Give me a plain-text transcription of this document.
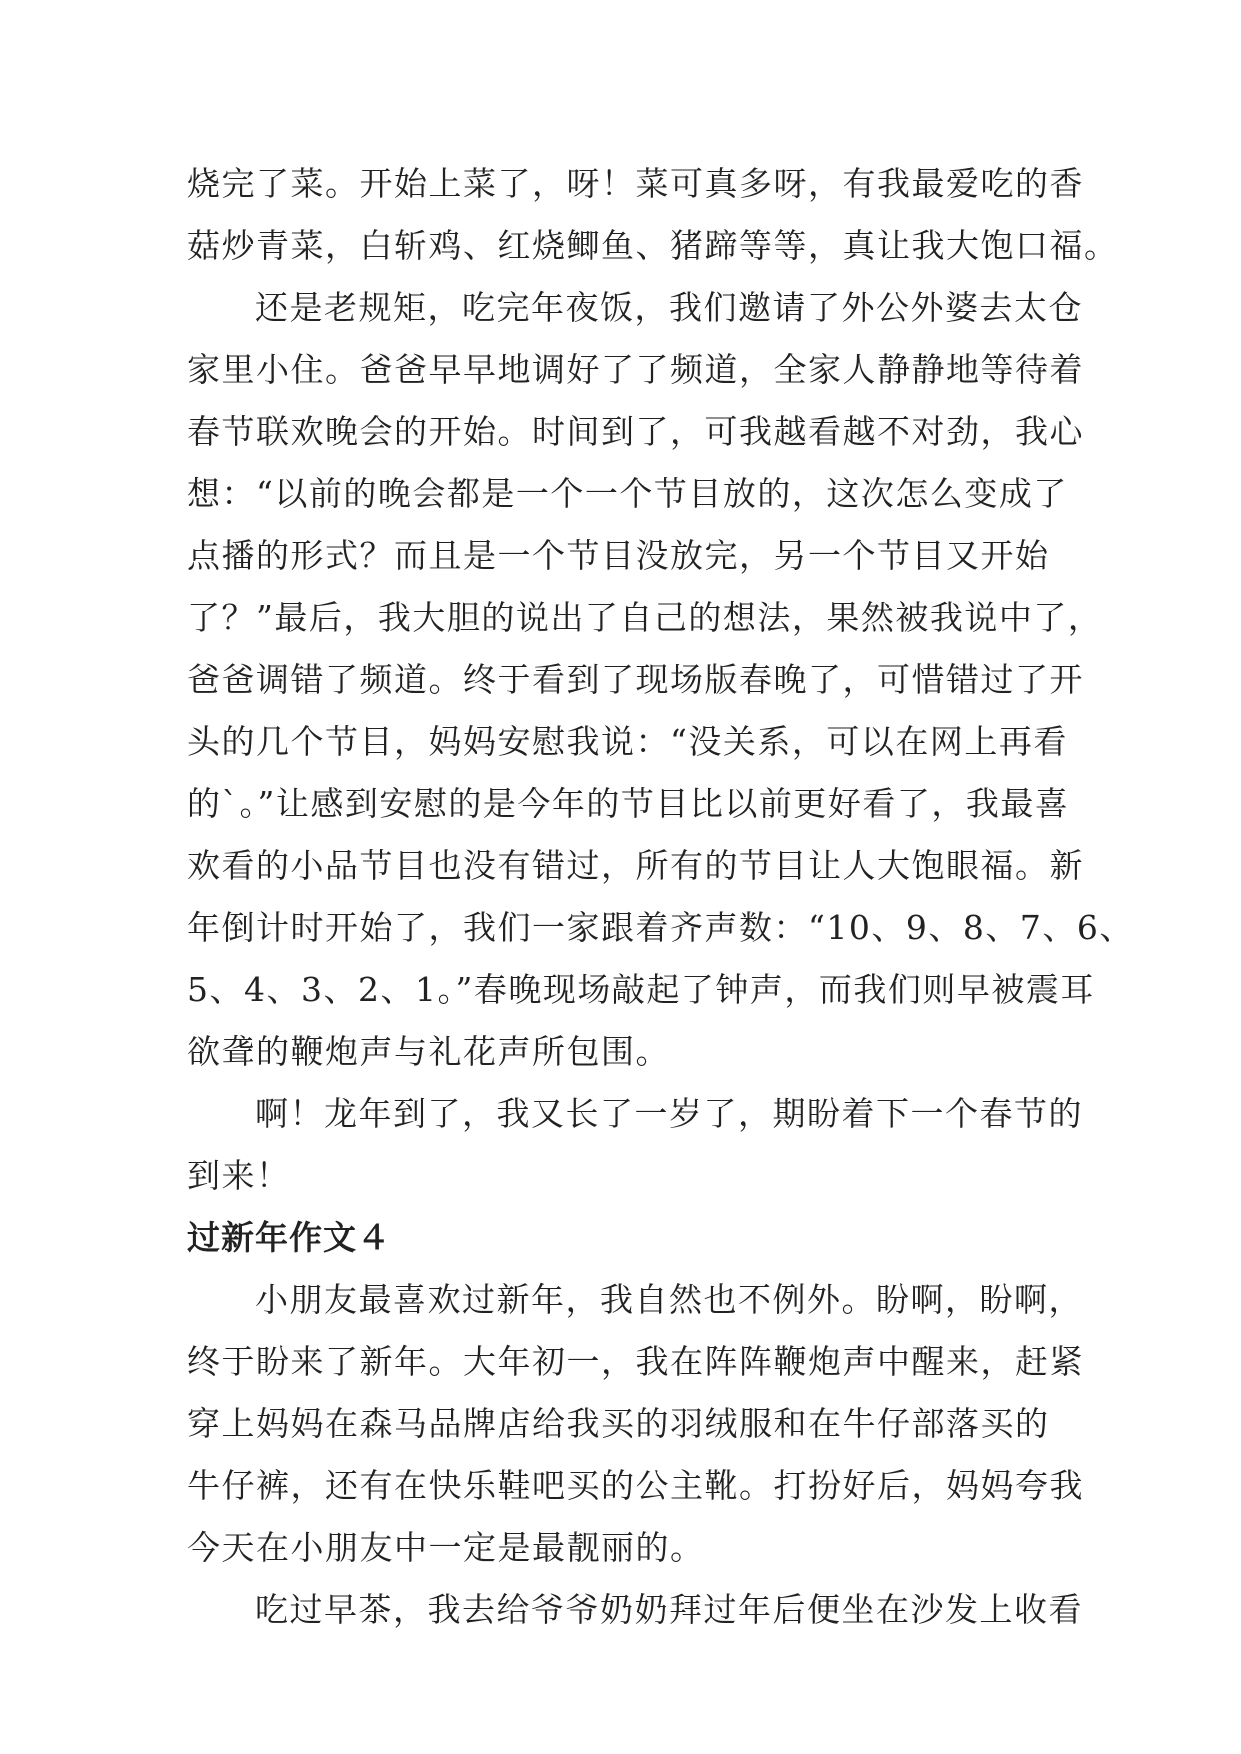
烧完了菜。开始上菜了，呀！菜可真多呀，有我最爱吃的香
菇炒青菜，白斩鸡、红烧鲫鱼、猪蹄等等，真让我大饱口福。

还是老规矩，吃完年夜饭，我们邀请了外公外婆去太仓
家里小住。爸爸早早地调好了了频道，全家人静静地等待着
春节联欢晚会的开始。时间到了，可我越看越不对劲，我心
想：“以前的晚会都是一个一个节目放的，这次怎么变成了
点播的形式？而且是一个节目没放完，另一个节目又开始
了？”最后，我大胆的说出了自己的想法，果然被我说中了，
爸爸调错了频道。终于看到了现场版春晚了，可惜错过了开
头的几个节目，妈妈安慰我说：“没关系，可以在网上再看
的`。”让感到安慰的是今年的节目比以前更好看了，我最喜
欢看的小品节目也没有错过，所有的节目让人大饱眼福。新
年倒计时开始了，我们一家跟着齐声数：“10、9、8、7、6、
5、4、3、2、1。”春晚现场敲起了钟声，而我们则早被震耳
欲聋的鞭炮声与礼花声所包围。

啊！龙年到了，我又长了一岁了，期盼着下一个春节的
到来！

过新年作文４

小朋友最喜欢过新年，我自然也不例外。盼啊，盼啊，
终于盼来了新年。大年初一，我在阵阵鞭炮声中醒来，赶紧
穿上妈妈在森马品牌店给我买的羽绒服和在牛仔部落买的
牛仔裤，还有在快乐鞋吧买的公主靴。打扮好后，妈妈夸我
今天在小朋友中一定是最靓丽的。

吃过早茶，我去给爷爷奶奶拜过年后便坐在沙发上收看
